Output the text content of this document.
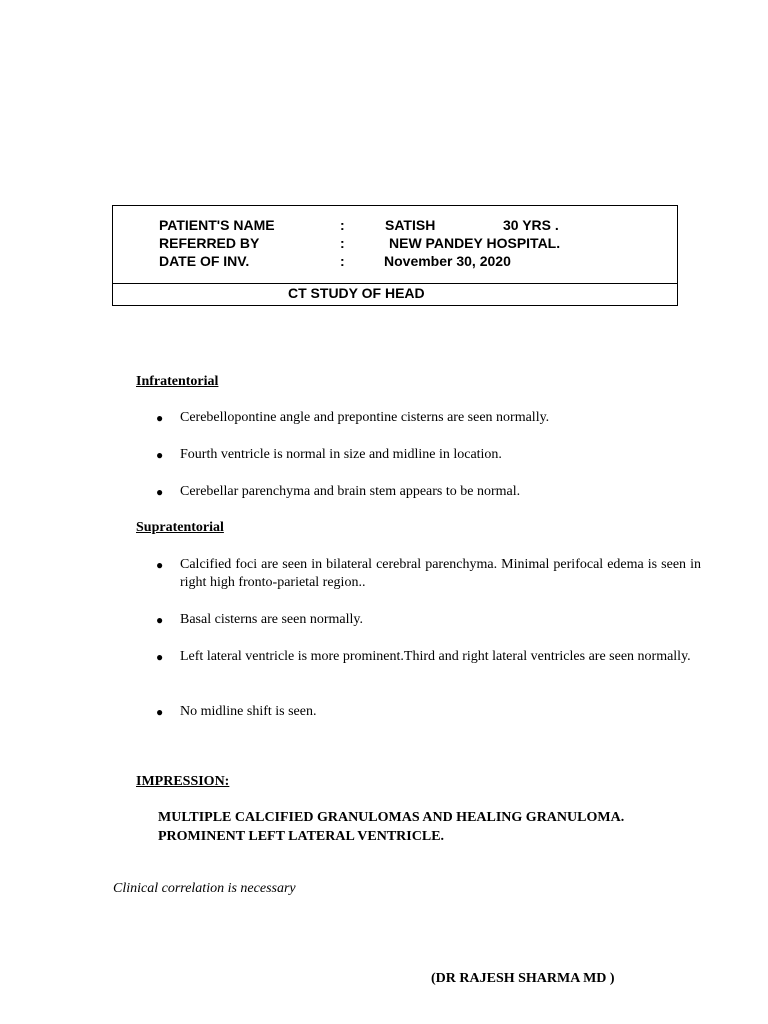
PATIENT'S NAME	:	SATISH	30 YRS .
REFERRED BY	:	NEW PANDEY HOSPITAL.
DATE OF INV.	:	November 30, 2020
CT STUDY OF HEAD
Infratentorial
● Cerebellopontine angle and prepontine cisterns are seen normally.
● Fourth ventricle is normal in size and midline in location.
● Cerebellar parenchyma and brain stem appears to be normal.
Supratentorial
● Calcified foci are seen in bilateral cerebral parenchyma. Minimal perifocal edema is seen in right high fronto-parietal region..
● Basal cisterns are seen normally.
● Left lateral ventricle is more prominent.Third and right lateral ventricles are seen normally.
● No midline shift is seen.
IMPRESSION:
MULTIPLE CALCIFIED GRANULOMAS AND HEALING GRANULOMA.
PROMINENT LEFT LATERAL VENTRICLE.
Clinical correlation is necessary
(DR RAJESH SHARMA MD )
